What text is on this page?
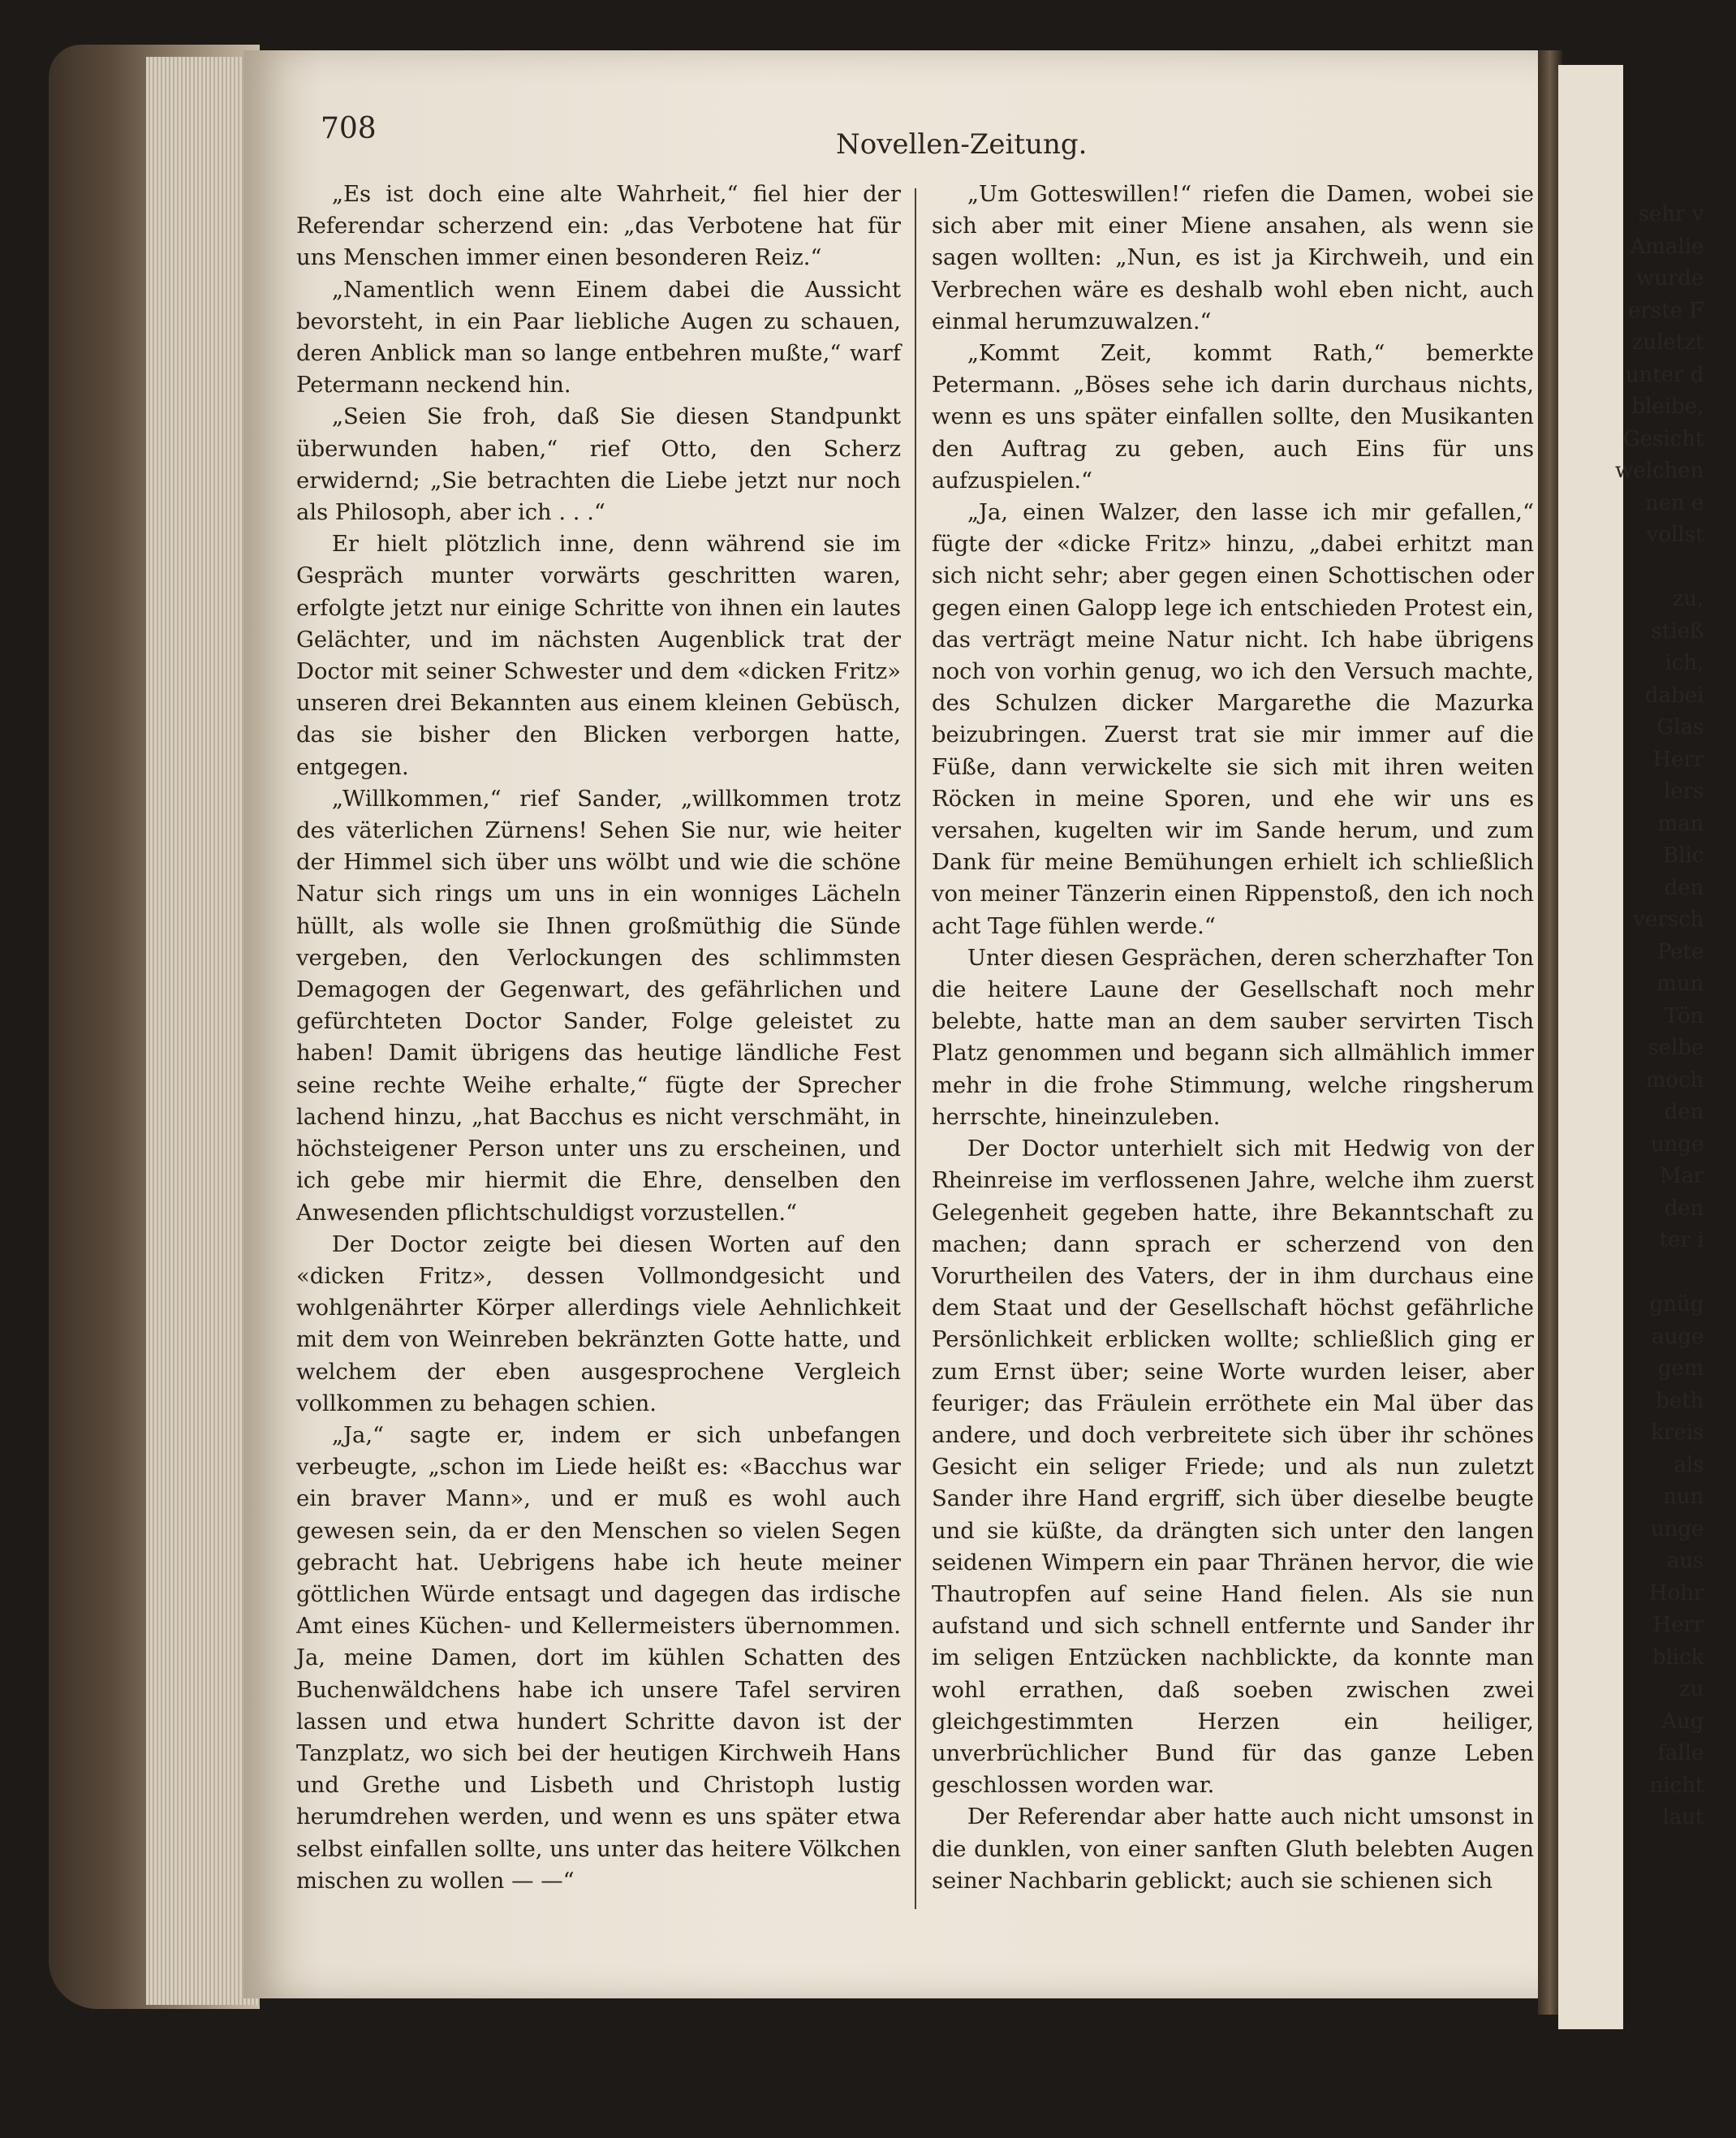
708	Novellen-Zeitung.

„Es ist doch eine alte Wahrheit,“ fiel hier der Referendar scherzend ein: „das Verbotene hat für uns Menschen immer einen besonderen Reiz.“

„Namentlich wenn Einem dabei die Aussicht bevorsteht, in ein Paar liebliche Augen zu schauen, deren Anblick man so lange entbehren mußte,“ warf Petermann neckend hin.

„Seien Sie froh, daß Sie diesen Standpunkt überwunden haben,“ rief Otto, den Scherz erwidernd; „Sie betrachten die Liebe jetzt nur noch als Philosoph, aber ich . . .“

Er hielt plötzlich inne, denn während sie im Gespräch munter vorwärts geschritten waren, erfolgte jetzt nur einige Schritte von ihnen ein lautes Gelächter, und im nächsten Augenblick trat der Doctor mit seiner Schwester und dem «dicken Fritz» unseren drei Bekannten aus einem kleinen Gebüsch, das sie bisher den Blicken verborgen hatte, entgegen.

„Willkommen,“ rief Sander, „willkommen trotz des väterlichen Zürnens! Sehen Sie nur, wie heiter der Himmel sich über uns wölbt und wie die schöne Natur sich rings um uns in ein wonniges Lächeln hüllt, als wolle sie Ihnen großmüthig die Sünde vergeben, den Verlockungen des schlimmsten Demagogen der Gegenwart, des gefährlichen und gefürchteten Doctor Sander, Folge geleistet zu haben! Damit übrigens das heutige ländliche Fest seine rechte Weihe erhalte,“ fügte der Sprecher lachend hinzu, „hat Bacchus es nicht verschmäht, in höchsteigener Person unter uns zu erscheinen, und ich gebe mir hiermit die Ehre, denselben den Anwesenden pflichtschuldigst vorzustellen.“

Der Doctor zeigte bei diesen Worten auf den «dicken Fritz», dessen Vollmondgesicht und wohlgenährter Körper allerdings viele Aehnlichkeit mit dem von Weinreben bekränzten Gotte hatte, und welchem der eben ausgesprochene Vergleich vollkommen zu behagen schien.

„Ja,“ sagte er, indem er sich unbefangen verbeugte, „schon im Liede heißt es: «Bacchus war ein braver Mann», und er muß es wohl auch gewesen sein, da er den Menschen so vielen Segen gebracht hat. Uebrigens habe ich heute meiner göttlichen Würde entsagt und dagegen das irdische Amt eines Küchen- und Kellermeisters übernommen. Ja, meine Damen, dort im kühlen Schatten des Buchenwäldchens habe ich unsere Tafel serviren lassen und etwa hundert Schritte davon ist der Tanzplatz, wo sich bei der heutigen Kirchweih Hans und Grethe und Lisbeth und Christoph lustig herumdrehen werden, und wenn es uns später etwa selbst einfallen sollte, uns unter das heitere Völkchen mischen zu wollen — —“

„Um Gotteswillen!“ riefen die Damen, wobei sie sich aber mit einer Miene ansahen, als wenn sie sagen wollten: „Nun, es ist ja Kirchweih, und ein Verbrechen wäre es deshalb wohl eben nicht, auch einmal herumzuwalzen.“

„Kommt Zeit, kommt Rath,“ bemerkte Petermann. „Böses sehe ich darin durchaus nichts, wenn es uns später einfallen sollte, den Musikanten den Auftrag zu geben, auch Eins für uns aufzuspielen.“

„Ja, einen Walzer, den lasse ich mir gefallen,“ fügte der «dicke Fritz» hinzu, „dabei erhitzt man sich nicht sehr; aber gegen einen Schottischen oder gegen einen Galopp lege ich entschieden Protest ein, das verträgt meine Natur nicht. Ich habe übrigens noch von vorhin genug, wo ich den Versuch machte, des Schulzen dicker Margarethe die Mazurka beizubringen. Zuerst trat sie mir immer auf die Füße, dann verwickelte sie sich mit ihren weiten Röcken in meine Sporen, und ehe wir uns es versahen, kugelten wir im Sande herum, und zum Dank für meine Bemühungen erhielt ich schließlich von meiner Tänzerin einen Rippenstoß, den ich noch acht Tage fühlen werde.“

Unter diesen Gesprächen, deren scherzhafter Ton die heitere Laune der Gesellschaft noch mehr belebte, hatte man an dem sauber servirten Tisch Platz genommen und begann sich allmählich immer mehr in die frohe Stimmung, welche ringsherum herrschte, hineinzuleben.

Der Doctor unterhielt sich mit Hedwig von der Rheinreise im verflossenen Jahre, welche ihm zuerst Gelegenheit gegeben hatte, ihre Bekanntschaft zu machen; dann sprach er scherzend von den Vorurtheilen des Vaters, der in ihm durchaus eine dem Staat und der Gesellschaft höchst gefährliche Persönlichkeit erblicken wollte; schließlich ging er zum Ernst über; seine Worte wurden leiser, aber feuriger; das Fräulein erröthete ein Mal über das andere, und doch verbreitete sich über ihr schönes Gesicht ein seliger Friede; und als nun zuletzt Sander ihre Hand ergriff, sich über dieselbe beugte und sie küßte, da drängten sich unter den langen seidenen Wimpern ein paar Thränen hervor, die wie Thautropfen auf seine Hand fielen. Als sie nun aufstand und sich schnell entfernte und Sander ihr im seligen Entzücken nachblickte, da konnte man wohl errathen, daß soeben zwischen zwei gleichgestimmten Herzen ein heiliger, unverbrüchlicher Bund für das ganze Leben geschlossen worden war.

Der Referendar aber hatte auch nicht umsonst in die dunklen, von einer sanften Gluth belebten Augen seiner Nachbarin geblickt; auch sie schienen sich

sehr v
Amalie
wurde
erste F
zuletzt
unter d
bleibe,
Gesicht
welchen
nen e
vollst

zu,
stieß
ich,
dabei
Glas
Herr
lers
man
Blic
den
versch
Pete
mun
Tön
selbe
moch
den
unge
Mar
den
ter i

gnüg
auge
gem
beth
kreis
als
nun
unge
aus
Hohr
Herr
blick
zu
Aug
falle
nicht
laut
